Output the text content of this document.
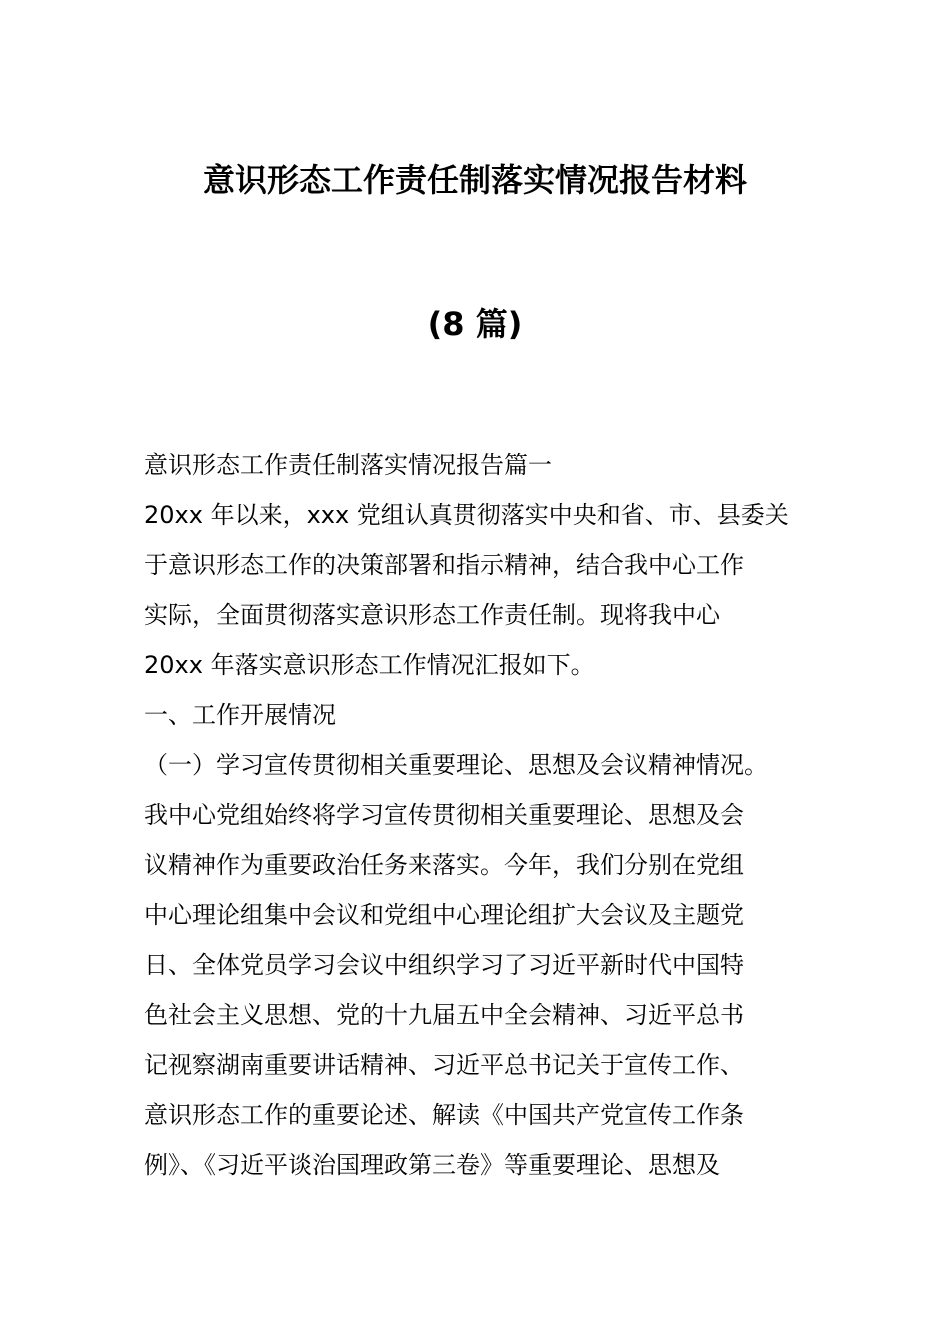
意识形态工作责任制落实情况报告材料
(8 篇)

意识形态工作责任制落实情况报告篇一

20xx 年以来，xxx 党组认真贯彻落实中央和省、市、县委关

于意识形态工作的决策部署和指示精神，结合我中心工作

实际，全面贯彻落实意识形态工作责任制。现将我中心

20xx 年落实意识形态工作情况汇报如下。

一、工作开展情况

（一）学习宣传贯彻相关重要理论、思想及会议精神情况。

我中心党组始终将学习宣传贯彻相关重要理论、思想及会

议精神作为重要政治任务来落实。今年，我们分别在党组

中心理论组集中会议和党组中心理论组扩大会议及主题党

日、全体党员学习会议中组织学习了习近平新时代中国特

色社会主义思想、党的十九届五中全会精神、习近平总书

记视察湖南重要讲话精神、习近平总书记关于宣传工作、

意识形态工作的重要论述、解读《中国共产党宣传工作条

例》、《习近平谈治国理政第三卷》等重要理论、思想及
